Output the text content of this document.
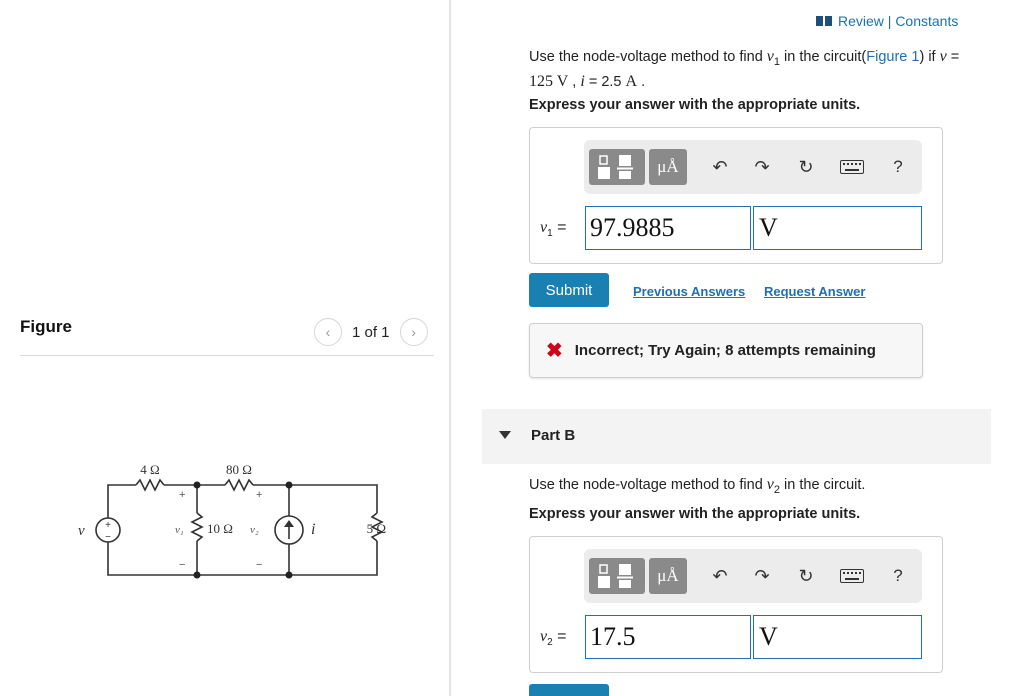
Figure	‹ 1 of 1 ›
+
−
4 Ω	80 Ω
10 Ω	5 Ω
v	i
v₁	v₂
+	+
−	−
Review | Constants
Use the node-voltage method to find $v_1$ in the circuit(Figure 1) if v =
125 V , i = 2.5 A .
Express your answer with the appropriate units.
μÅ ↶ ↷ ↻	?
$v_1 = 97.9885$	V
Submit	Previous Answers Request Answer
✖ Incorrect; Try Again; 8 attempts remaining
Part B
Use the node-voltage method to find $v_2$ in the circuit.
Express your answer with the appropriate units.
μÅ ↶ ↷ ↻	?
$v_2 = 17.5$	V
